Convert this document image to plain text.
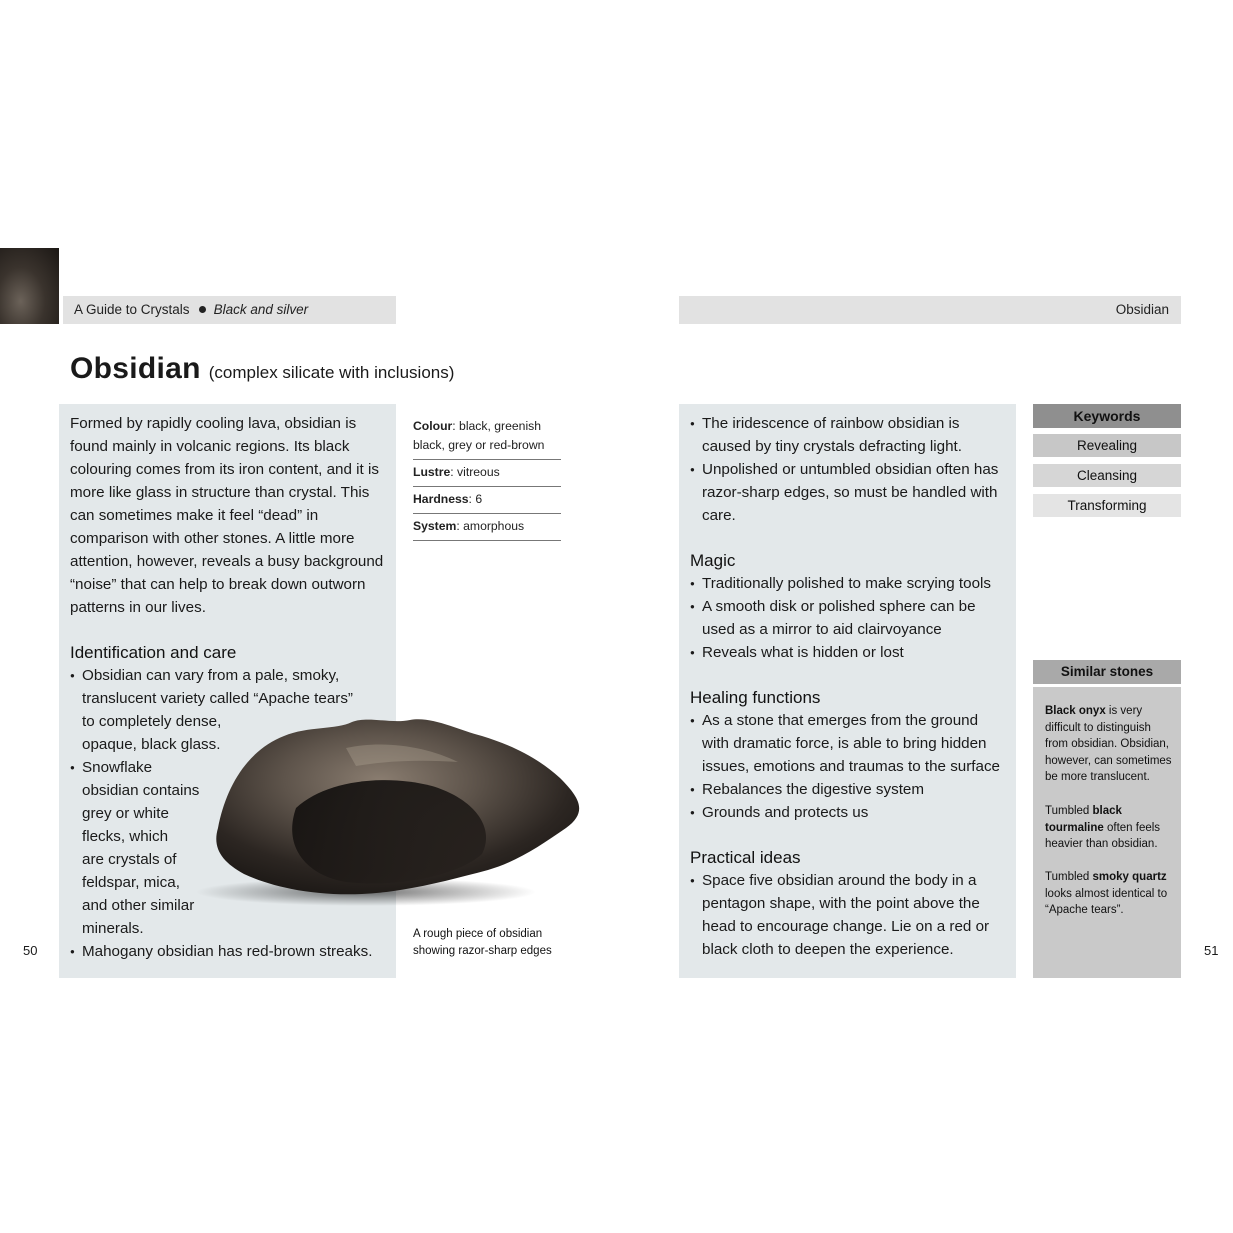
A Guide to Crystals Black and silver	Obsidian
Obsidian (complex silicate with inclusions)

Formed by rapidly cooling lava, obsidian is found mainly in volcanic regions. Its black colouring comes from its iron content, and it is more like glass in structure than crystal. This can sometimes make it feel “dead” in comparison with other stones. A little more attention, however, reveals a busy background “noise” that can help to break down outworn patterns in our lives.

Identification and care
● Obsidian can vary from a pale, smoky,
translucent variety called “Apache tears”
to completely dense,
opaque, black glass.
● Snowflake
obsidian contains
grey or white
flecks, which
are crystals of
feldspar, mica,
and other similar
minerals.
● Mahogany obsidian has red-brown streaks.
Colour: black, greenish black, grey or red-brown
Lustre: vitreous
Hardness: 6
System: amorphous
A rough piece of obsidian showing razor-sharp edges
● The iridescence of rainbow obsidian is caused by tiny crystals defracting light.
● Unpolished or untumbled obsidian often has razor-sharp edges, so must be handled with care.
Magic
● Traditionally polished to make scrying tools
● A smooth disk or polished sphere can be used as a mirror to aid clairvoyance
● Reveals what is hidden or lost
Healing functions
● As a stone that emerges from the ground with dramatic force, is able to bring hidden issues, emotions and traumas to the surface
● Rebalances the digestive system
● Grounds and protects us
Practical ideas
● Space five obsidian around the body in a pentagon shape, with the point above the head to encourage change. Lie on a red or black cloth to deepen the experience.
Keywords
Revealing
Cleansing
Transforming
Similar stones
Black onyx is very difficult to distinguish from obsidian. Obsidian, however, can sometimes be more translucent.
Tumbled black tourmaline often feels heavier than obsidian.
Tumbled smoky quartz looks almost identical to “Apache tears”.
50	51
